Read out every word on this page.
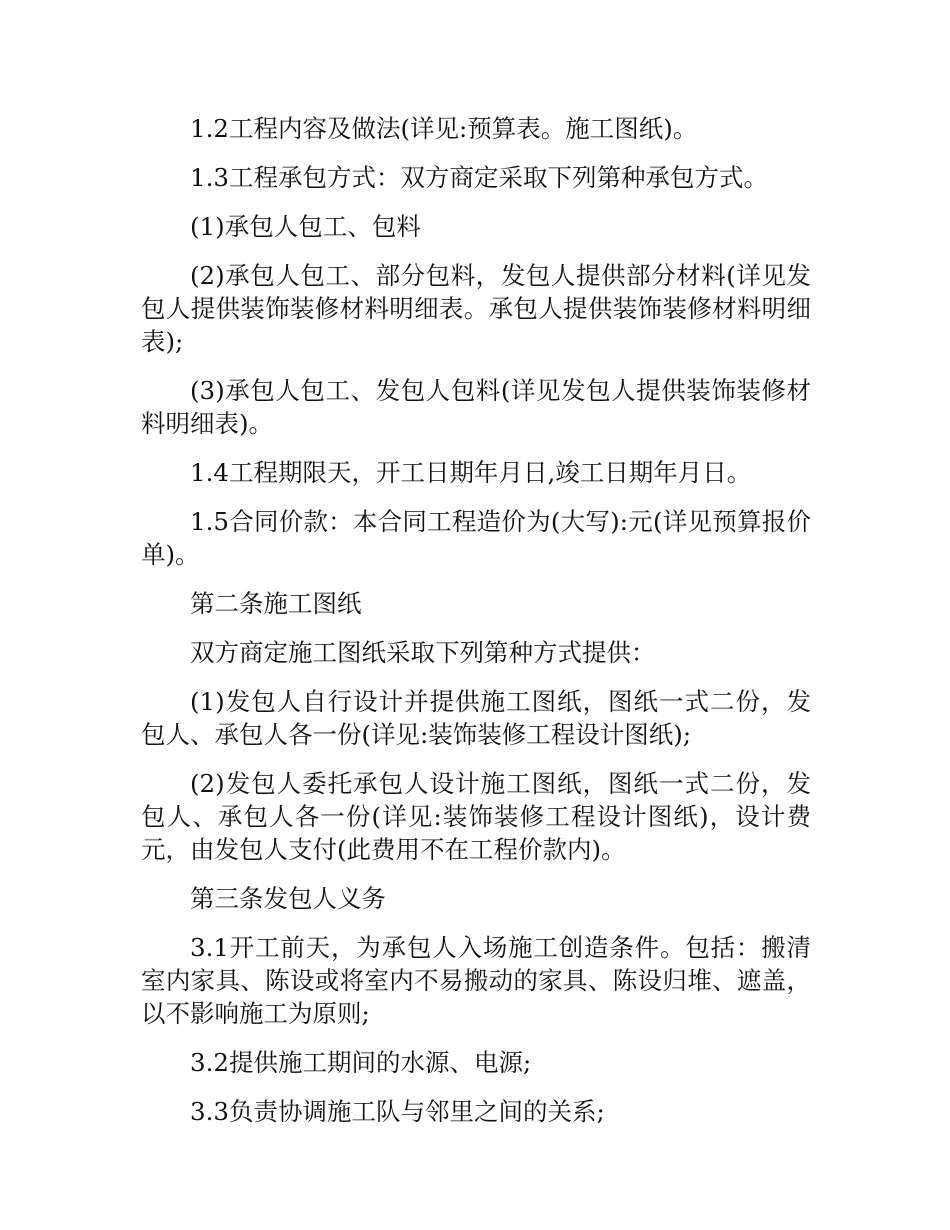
1.2工程内容及做法(详见:预算表。施工图纸)。

1.3工程承包方式：双方商定采取下列第种承包方式。

(1)承包人包工、包料

(2)承包人包工、部分包料，发包人提供部分材料(详见发包人提供装饰装修材料明细表。承包人提供装饰装修材料明细表);

(3)承包人包工、发包人包料(详见发包人提供装饰装修材料明细表)。

1.4工程期限天，开工日期年月日,竣工日期年月日。

1.5合同价款：本合同工程造价为(大写):元(详见预算报价单)。

第二条施工图纸

双方商定施工图纸采取下列第种方式提供：

(1)发包人自行设计并提供施工图纸，图纸一式二份，发包人、承包人各一份(详见:装饰装修工程设计图纸);

(2)发包人委托承包人设计施工图纸，图纸一式二份，发包人、承包人各一份(详见:装饰装修工程设计图纸)，设计费元，由发包人支付(此费用不在工程价款内)。

第三条发包人义务

3.1开工前天，为承包人入场施工创造条件。包括：搬清室内家具、陈设或将室内不易搬动的家具、陈设归堆、遮盖，以不影响施工为原则;

3.2提供施工期间的水源、电源;

3.3负责协调施工队与邻里之间的关系;
